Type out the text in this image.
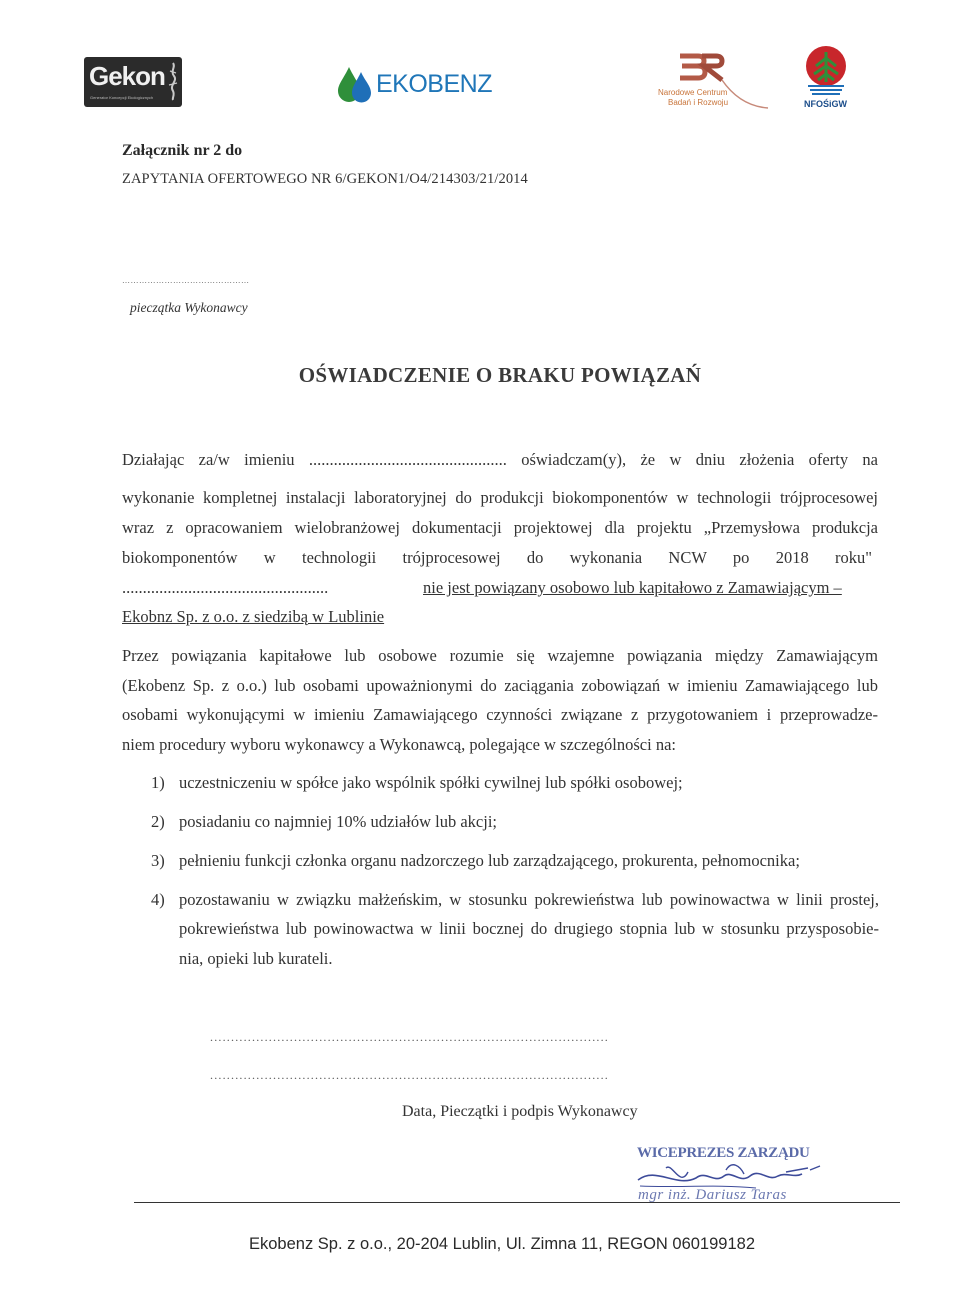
Gekon
Generator Koncepcji Ekologicznych	EKOBENZ	Narodowe Centrum
Badań i Rozwoju	NFOŚiGW
Załącznik nr 2 do
ZAPYTANIA OFERTOWEGO NR 6/GEKON1/O4/214303/21/2014
………………………………………
pieczątka Wykonawcy
OŚWIADCZENIE O BRAKU POWIĄZAŃ
Działając za/w imieniu ................................................ oświadczam(y), że w dniu złożenia oferty na
wykonanie kompletnej instalacji laboratoryjnej do produkcji biokomponentów w technologii trójprocesowej
wraz z opracowaniem wielobranżowej dokumentacji projektowej dla projektu „Przemysłowa produkcja
biokomponentów w technologii trójprocesowej do wykonania NCW po 2018 roku"
..................................................	nie jest powiązany osobowo lub kapitałowo z Zamawiającym –
Ekobnz Sp. z o.o. z siedzibą w Lublinie
Przez powiązania kapitałowe lub osobowe rozumie się wzajemne powiązania między Zamawiającym
(Ekobenz Sp. z o.o.) lub osobami upoważnionymi do zaciągania zobowiązań w imieniu Zamawiającego lub
osobami wykonującymi w imieniu Zamawiającego czynności związane z przygotowaniem i przeprowadze-
niem procedury wyboru wykonawcy a Wykonawcą, polegające w szczególności na:
1) uczestniczeniu w spółce jako wspólnik spółki cywilnej lub spółki osobowej;
2) posiadaniu co najmniej 10% udziałów lub akcji;
3) pełnieniu funkcji członka organu nadzorczego lub zarządzającego, prokurenta, pełnomocnika;
4) pozostawaniu w związku małżeńskim, w stosunku pokrewieństwa lub powinowactwa w linii prostej,
pokrewieństwa lub powinowactwa w linii bocznej do drugiego stopnia lub w stosunku przysposobie-
nia, opieki lub kurateli.
...............................................................................................
...............................................................................................
Data, Pieczątki i podpis Wykonawcy
WICEPREZES ZARZĄDU
mgr inż. Dariusz Taras
Ekobenz Sp. z o.o., 20-204 Lublin, Ul. Zimna 11, REGON 060199182
